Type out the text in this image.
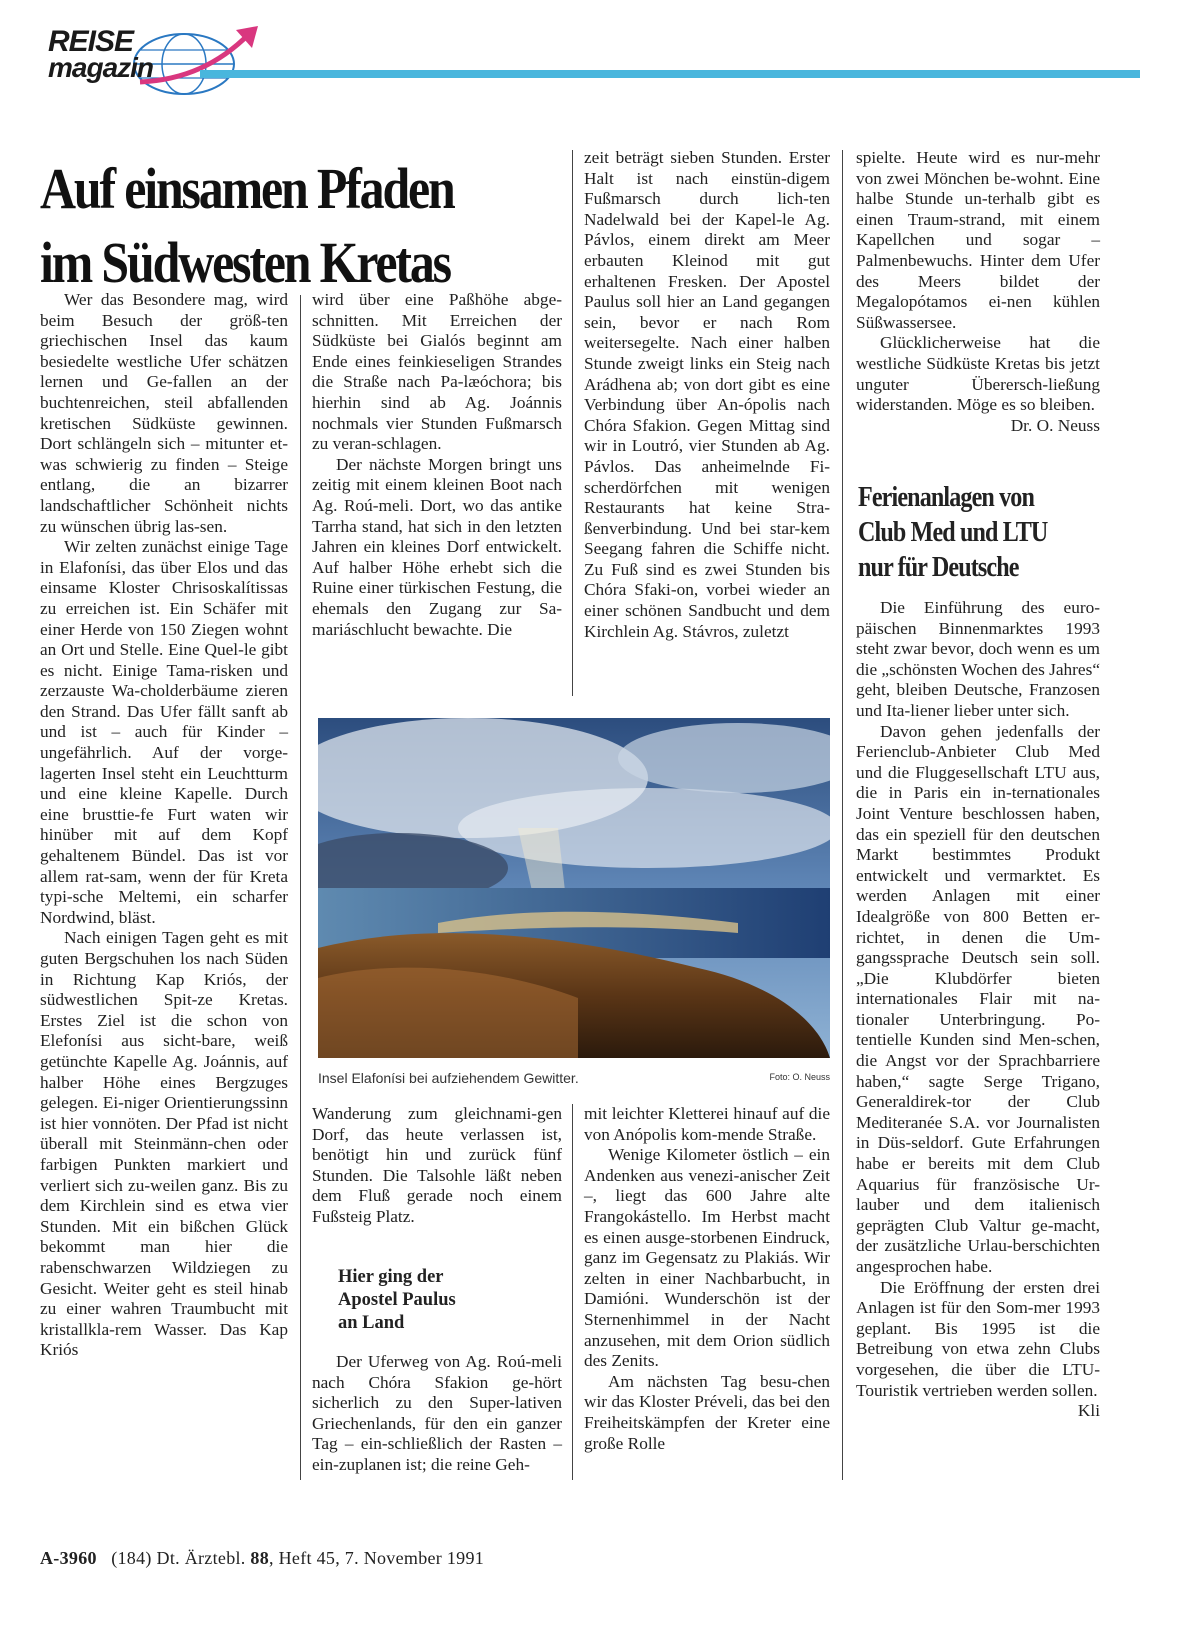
REISE
magazin
Auf einsamen Pfaden
im Südwesten Kretas

Wer das Besondere mag, wird beim Besuch der größ-ten griechischen Insel das kaum besiedelte westliche Ufer schätzen lernen und Ge-fallen an der buchtenreichen, steil abfallenden kretischen Südküste gewinnen. Dort schlängeln sich – mitunter et-was schwierig zu finden – Steige entlang, die an bizarrer landschaftlicher Schönheit nichts zu wünschen übrig las-sen.

Wir zelten zunächst einige Tage in Elafonísi, das über Elos und das einsame Kloster Chrisoskalítissas zu erreichen ist. Ein Schäfer mit einer Herde von 150 Ziegen wohnt an Ort und Stelle. Eine Quel-le gibt es nicht. Einige Tama-risken und zerzauste Wa-cholderbäume zieren den Strand. Das Ufer fällt sanft ab und ist – auch für Kinder – ungefährlich. Auf der vorge-lagerten Insel steht ein Leuchtturm und eine kleine Kapelle. Durch eine brusttie-fe Furt waten wir hinüber mit auf dem Kopf gehaltenem Bündel. Das ist vor allem rat-sam, wenn der für Kreta typi-sche Meltemi, ein scharfer Nordwind, bläst.

Nach einigen Tagen geht es mit guten Bergschuhen los nach Süden in Richtung Kap Kriós, der südwestlichen Spit-ze Kretas. Erstes Ziel ist die schon von Elefonísi aus sicht-bare, weiß getünchte Kapelle Ag. Joánnis, auf halber Höhe eines Bergzuges gelegen. Ei-niger Orientierungssinn ist hier vonnöten. Der Pfad ist nicht überall mit Steinmänn-chen oder farbigen Punkten markiert und verliert sich zu-weilen ganz. Bis zu dem Kirchlein sind es etwa vier Stunden. Mit ein bißchen Glück bekommt man hier die rabenschwarzen Wildziegen zu Gesicht. Weiter geht es steil hinab zu einer wahren Traumbucht mit kristallkla-rem Wasser. Das Kap Kriós

wird über eine Paßhöhe abge-schnitten. Mit Erreichen der Südküste bei Gialós beginnt am Ende eines feinkieseligen Strandes die Straße nach Pa-læóchora; bis hierhin sind ab Ag. Joánnis nochmals vier Stunden Fußmarsch zu veran-schlagen.

Der nächste Morgen bringt uns zeitig mit einem kleinen Boot nach Ag. Roú-meli. Dort, wo das antike Tarrha stand, hat sich in den letzten Jahren ein kleines Dorf entwickelt. Auf halber Höhe erhebt sich die Ruine einer türkischen Festung, die ehemals den Zugang zur Sa-mariáschlucht bewachte. Die

zeit beträgt sieben Stunden. Erster Halt ist nach einstün-digem Fußmarsch durch lich-ten Nadelwald bei der Kapel-le Ag. Pávlos, einem direkt am Meer erbauten Kleinod mit gut erhaltenen Fresken. Der Apostel Paulus soll hier an Land gegangen sein, bevor er nach Rom weitersegelte. Nach einer halben Stunde zweigt links ein Steig nach Arádhena ab; von dort gibt es eine Verbindung über An-ópolis nach Chóra Sfakion. Gegen Mittag sind wir in Loutró, vier Stunden ab Ag. Pávlos. Das anheimelnde Fi-scherdörfchen mit wenigen Restaurants hat keine Stra-ßenverbindung. Und bei star-kem Seegang fahren die Schiffe nicht. Zu Fuß sind es zwei Stunden bis Chóra Sfaki-on, vorbei wieder an einer schönen Sandbucht und dem Kirchlein Ag. Stávros, zuletzt

Insel Elafonísi bei aufziehendem Gewitter.	Foto: O. Neuss

Wanderung zum gleichnami-gen Dorf, das heute verlassen ist, benötigt hin und zurück fünf Stunden. Die Talsohle läßt neben dem Fluß gerade noch einem Fußsteig Platz.

Hier ging der
Apostel Paulus
an Land

Der Uferweg von Ag. Roú-meli nach Chóra Sfakion ge-hört sicherlich zu den Super-lativen Griechenlands, für den ein ganzer Tag – ein-schließlich der Rasten – ein-zuplanen ist; die reine Geh-

mit leichter Kletterei hinauf auf die von Anópolis kom-mende Straße.

Wenige Kilometer östlich – ein Andenken aus venezi-anischer Zeit –, liegt das 600 Jahre alte Frangokástello. Im Herbst macht es einen ausge-storbenen Eindruck, ganz im Gegensatz zu Plakiás. Wir zelten in einer Nachbarbucht, in Damióni. Wunderschön ist der Sternenhimmel in der Nacht anzusehen, mit dem Orion südlich des Zenits.

Am nächsten Tag besu-chen wir das Kloster Préveli, das bei den Freiheitskämpfen der Kreter eine große Rolle

spielte. Heute wird es nur-mehr von zwei Mönchen be-wohnt. Eine halbe Stunde un-terhalb gibt es einen Traum-strand, mit einem Kapellchen und sogar – Palmenbewuchs. Hinter dem Ufer des Meers bildet der Megalopótamos ei-nen kühlen Süßwassersee.

Glücklicherweise hat die westliche Südküste Kretas bis jetzt unguter Überersch-ließung widerstanden. Möge es so bleiben.
Dr. O. Neuss

Ferienanlagen von
Club Med und LTU
nur für Deutsche

Die Einführung des euro-päischen Binnenmarktes 1993 steht zwar bevor, doch wenn es um die „schönsten Wochen des Jahres“ geht, bleiben Deutsche, Franzosen und Ita-liener lieber unter sich.

Davon gehen jedenfalls der Ferienclub-Anbieter Club Med und die Fluggesellschaft LTU aus, die in Paris ein in-ternationales Joint Venture beschlossen haben, das ein speziell für den deutschen Markt bestimmtes Produkt entwickelt und vermarktet. Es werden Anlagen mit einer Idealgröße von 800 Betten er-richtet, in denen die Um-gangssprache Deutsch sein soll. „Die Klubdörfer bieten internationales Flair mit na-tionaler Unterbringung. Po-tentielle Kunden sind Men-schen, die Angst vor der Sprachbarriere haben,“ sagte Serge Trigano, Generaldirek-tor der Club Mediteranée S.A. vor Journalisten in Düs-seldorf. Gute Erfahrungen habe er bereits mit dem Club Aquarius für französische Ur-lauber und dem italienisch geprägten Club Valtur ge-macht, der zusätzliche Urlau-berschichten angesprochen habe.

Die Eröffnung der ersten drei Anlagen ist für den Som-mer 1993 geplant. Bis 1995 ist die Betreibung von etwa zehn Clubs vorgesehen, die über die LTU-Touristik vertrieben werden sollen.
Kli

A-3960 (184) Dt. Ärztebl. 88, Heft 45, 7. November 1991
